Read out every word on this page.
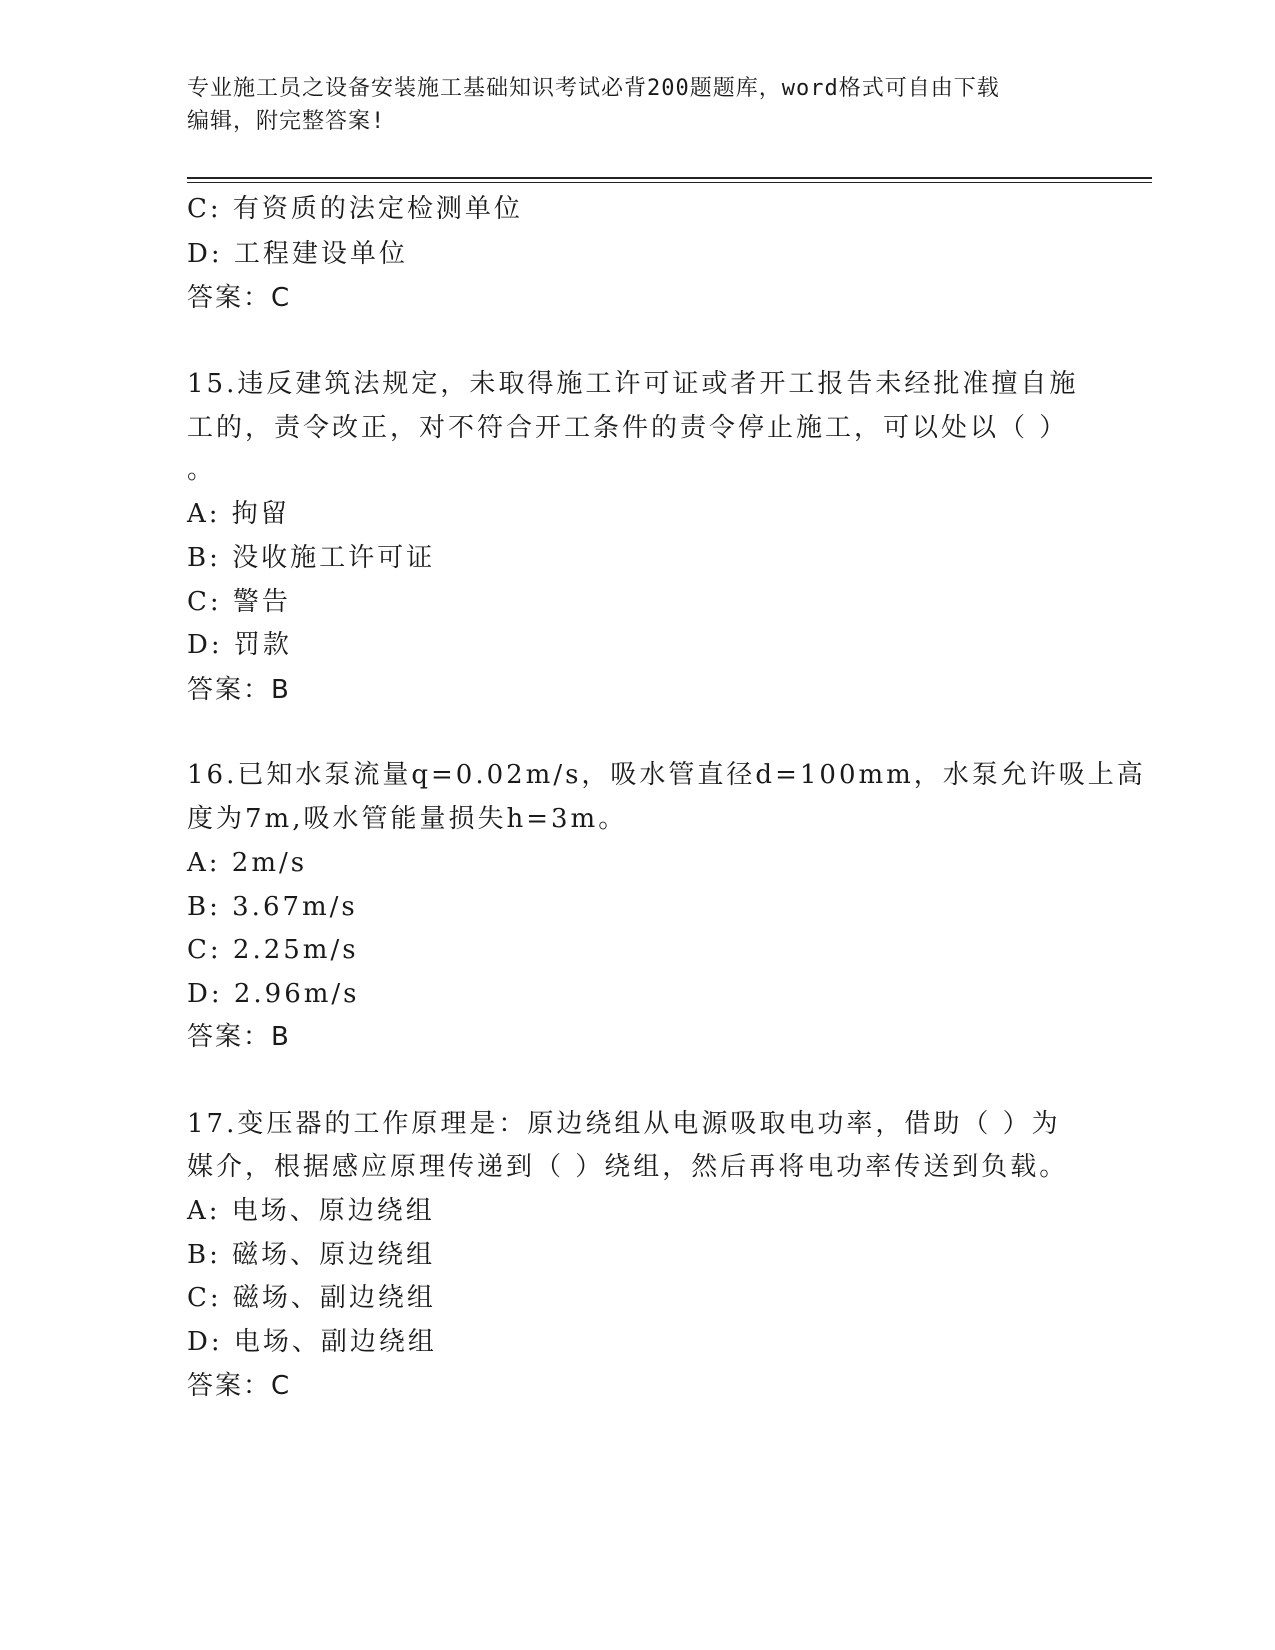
专业施工员之设备安装施工基础知识考试必背200题题库，word格式可自由下载
编辑，附完整答案!
C: 有资质的法定检测单位
D: 工程建设单位
答案：C
15.违反建筑法规定，未取得施工许可证或者开工报告未经批准擅自施
工的，责令改正，对不符合开工条件的责令停止施工，可以处以（ ）
。
A: 拘留
B: 没收施工许可证
C: 警告
D: 罚款
答案：B
16.已知水泵流量q=0.02m/s，吸水管直径d=100mm，水泵允许吸上高
度为7m,吸水管能量损失h=3m。
A: 2m/s
B: 3.67m/s
C: 2.25m/s
D: 2.96m/s
答案：B
17.变压器的工作原理是：原边绕组从电源吸取电功率，借助（ ）为
媒介，根据感应原理传递到（ ）绕组，然后再将电功率传送到负载。
A: 电场、原边绕组
B: 磁场、原边绕组
C: 磁场、副边绕组
D: 电场、副边绕组
答案：C
